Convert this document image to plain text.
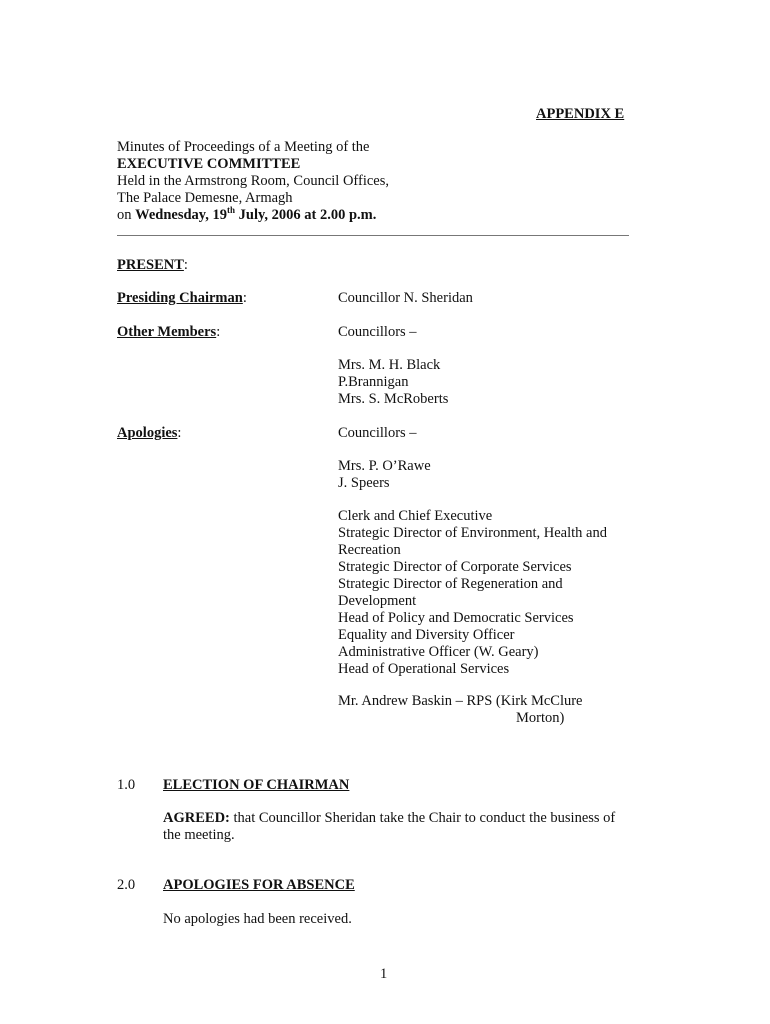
APPENDIX E
Minutes of Proceedings of a Meeting of the
EXECUTIVE COMMITTEE
Held in the Armstrong Room, Council Offices,
The Palace Demesne, Armagh
on Wednesday, 19th July, 2006 at 2.00 p.m.
PRESENT:
Presiding Chairman:	Councillor N. Sheridan
Other Members:	Councillors –
Mrs. M. H. Black
P.Brannigan
Mrs. S. McRoberts
Apologies:	Councillors –
Mrs. P. O’Rawe
J. Speers
Clerk and Chief Executive
Strategic Director of Environment, Health and
Recreation
Strategic Director of Corporate Services
Strategic Director of Regeneration and
Development
Head of Policy and Democratic Services
Equality and Diversity Officer
Administrative Officer (W. Geary)
Head of Operational Services
Mr. Andrew Baskin – RPS (Kirk McClure
Morton)
1.0 ELECTION OF CHAIRMAN
AGREED: that Councillor Sheridan take the Chair to conduct the business of
the meeting.
2.0 APOLOGIES FOR ABSENCE
No apologies had been received.
1
